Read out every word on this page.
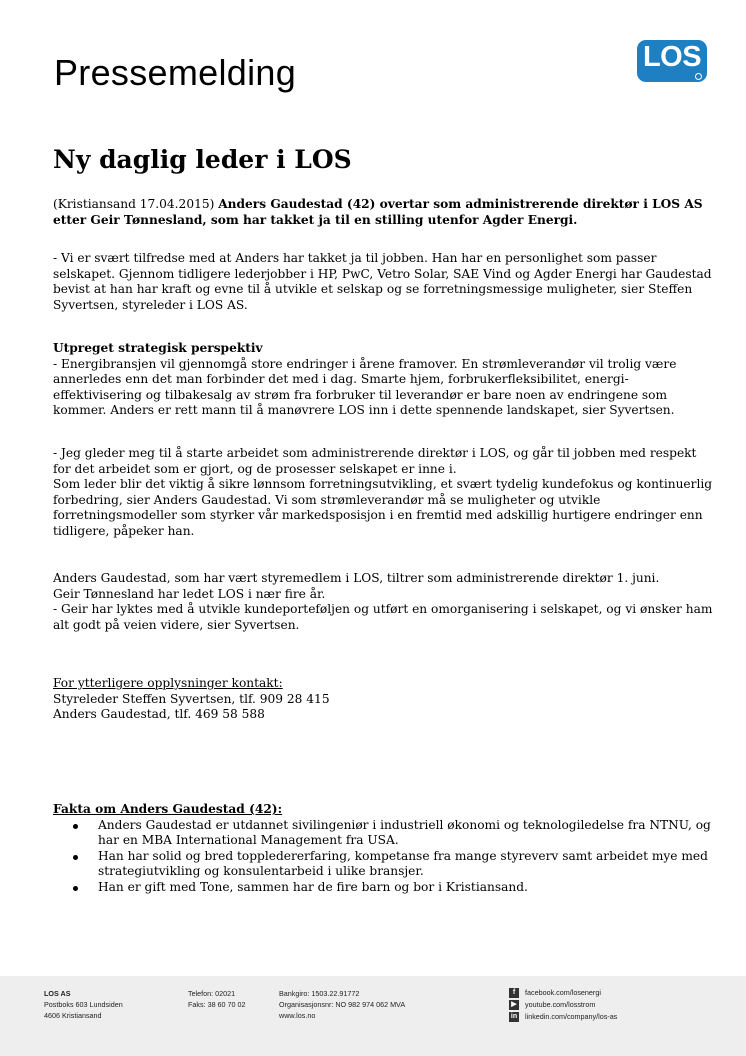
Pressemelding	LOS
Ny daglig leder i LOS
(Kristiansand 17.04.2015) Anders Gaudestad (42) overtar som administrerende direktør i LOS AS etter Geir Tønnesland, som har takket ja til en stilling utenfor Agder Energi.
- Vi er svært tilfredse med at Anders har takket ja til jobben. Han har en personlighet som passer selskapet. Gjennom tidligere lederjobber i HP, PwC, Vetro Solar, SAE Vind og Agder Energi har Gaudestad bevist at han har kraft og evne til å utvikle et selskap og se forretningsmessige muligheter, sier Steffen Syvertsen, styreleder i LOS AS.
Utpreget strategisk perspektiv
- Energibransjen vil gjennomgå store endringer i årene framover. En strømleverandør vil trolig være annerledes enn det man forbinder det med i dag. Smarte hjem, forbrukerfleksibilitet, energi-effektivisering og tilbakesalg av strøm fra forbruker til leverandør er bare noen av endringene som kommer. Anders er rett mann til å manøvrere LOS inn i dette spennende landskapet, sier Syvertsen.
- Jeg gleder meg til å starte arbeidet som administrerende direktør i LOS, og går til jobben med respekt for det arbeidet som er gjort, og de prosesser selskapet er inne i.
Som leder blir det viktig å sikre lønnsom forretningsutvikling, et svært tydelig kundefokus og kontinuerlig forbedring, sier Anders Gaudestad. Vi som strømleverandør må se muligheter og utvikle forretningsmodeller som styrker vår markedsposisjon i en fremtid med adskillig hurtigere endringer enn tidligere, påpeker han.
Anders Gaudestad, som har vært styremedlem i LOS, tiltrer som administrerende direktør 1. juni.
Geir Tønnesland har ledet LOS i nær fire år.
- Geir har lyktes med å utvikle kundeporteføljen og utført en omorganisering i selskapet, og vi ønsker ham alt godt på veien videre, sier Syvertsen.
For ytterligere opplysninger kontakt:
Styreleder Steffen Syvertsen, tlf. 909 28 415
Anders Gaudestad, tlf. 469 58 588
Fakta om Anders Gaudestad (42):
Anders Gaudestad er utdannet sivilingeniør i industriell økonomi og teknologiledelse fra NTNU, og har en MBA International Management fra USA.
Han har solid og bred toppledererfaring, kompetanse fra mange styreverv samt arbeidet mye med strategiutvikling og konsulentarbeid i ulike bransjer.
Han er gift med Tone, sammen har de fire barn og bor i Kristiansand.
LOS AS
Postboks 603 Lundsiden
4606 Kristiansand
Telefon: 02021
Faks: 38 60 70 02
Bankgiro: 1503.22.91772
Organisasjonsnr: NO 982 974 062 MVA
www.los.no
f facebook.com/losenergi
▶ youtube.com/losstrom
in linkedin.com/company/los-as
